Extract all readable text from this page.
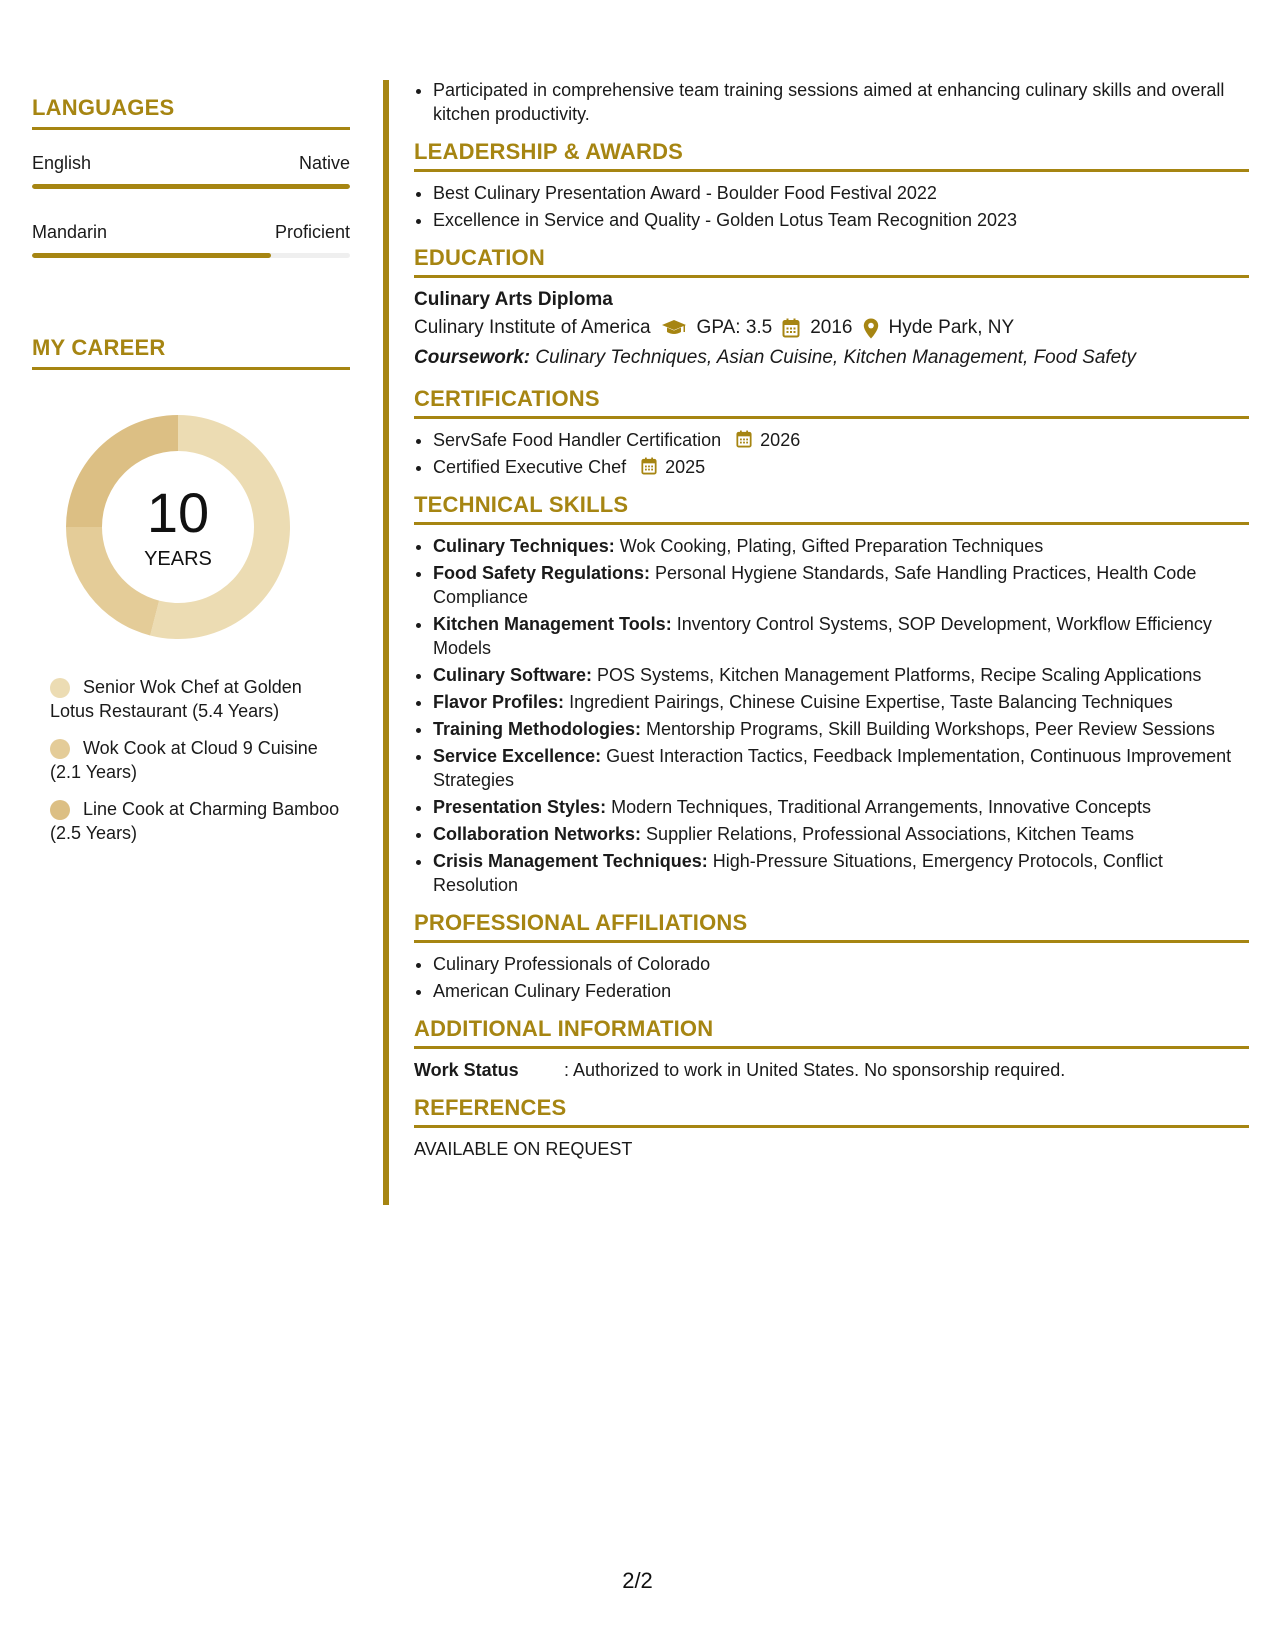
LANGUAGES
English	Native
Mandarin	Proficient
MY CAREER
10
YEARS
Senior Wok Chef at Golden Lotus Restaurant (5.4 Years)
Wok Cook at Cloud 9 Cuisine (2.1 Years)
Line Cook at Charming Bamboo (2.5 Years)
• Participated in comprehensive team training sessions aimed at enhancing culinary skills and overall kitchen productivity.
LEADERSHIP & AWARDS
• Best Culinary Presentation Award - Boulder Food Festival 2022
• Excellence in Service and Quality - Golden Lotus Team Recognition 2023
EDUCATION
Culinary Arts Diploma
Culinary Institute of America GPA: 3.5 2016 Hyde Park, NY
Coursework: Culinary Techniques, Asian Cuisine, Kitchen Management, Food Safety
CERTIFICATIONS
• ServSafe Food Handler Certification 2026
• Certified Executive Chef 2025
TECHNICAL SKILLS
• Culinary Techniques: Wok Cooking, Plating, Gifted Preparation Techniques
• Food Safety Regulations: Personal Hygiene Standards, Safe Handling Practices, Health Code Compliance
• Kitchen Management Tools: Inventory Control Systems, SOP Development, Workflow Efficiency Models
• Culinary Software: POS Systems, Kitchen Management Platforms, Recipe Scaling Applications
• Flavor Profiles: Ingredient Pairings, Chinese Cuisine Expertise, Taste Balancing Techniques
• Training Methodologies: Mentorship Programs, Skill Building Workshops, Peer Review Sessions
• Service Excellence: Guest Interaction Tactics, Feedback Implementation, Continuous Improvement Strategies
• Presentation Styles: Modern Techniques, Traditional Arrangements, Innovative Concepts
• Collaboration Networks: Supplier Relations, Professional Associations, Kitchen Teams
• Crisis Management Techniques: High-Pressure Situations, Emergency Protocols, Conflict Resolution
PROFESSIONAL AFFILIATIONS
• Culinary Professionals of Colorado
• American Culinary Federation
ADDITIONAL INFORMATION
Work Status	: Authorized to work in United States. No sponsorship required.
REFERENCES
AVAILABLE ON REQUEST
2/2
